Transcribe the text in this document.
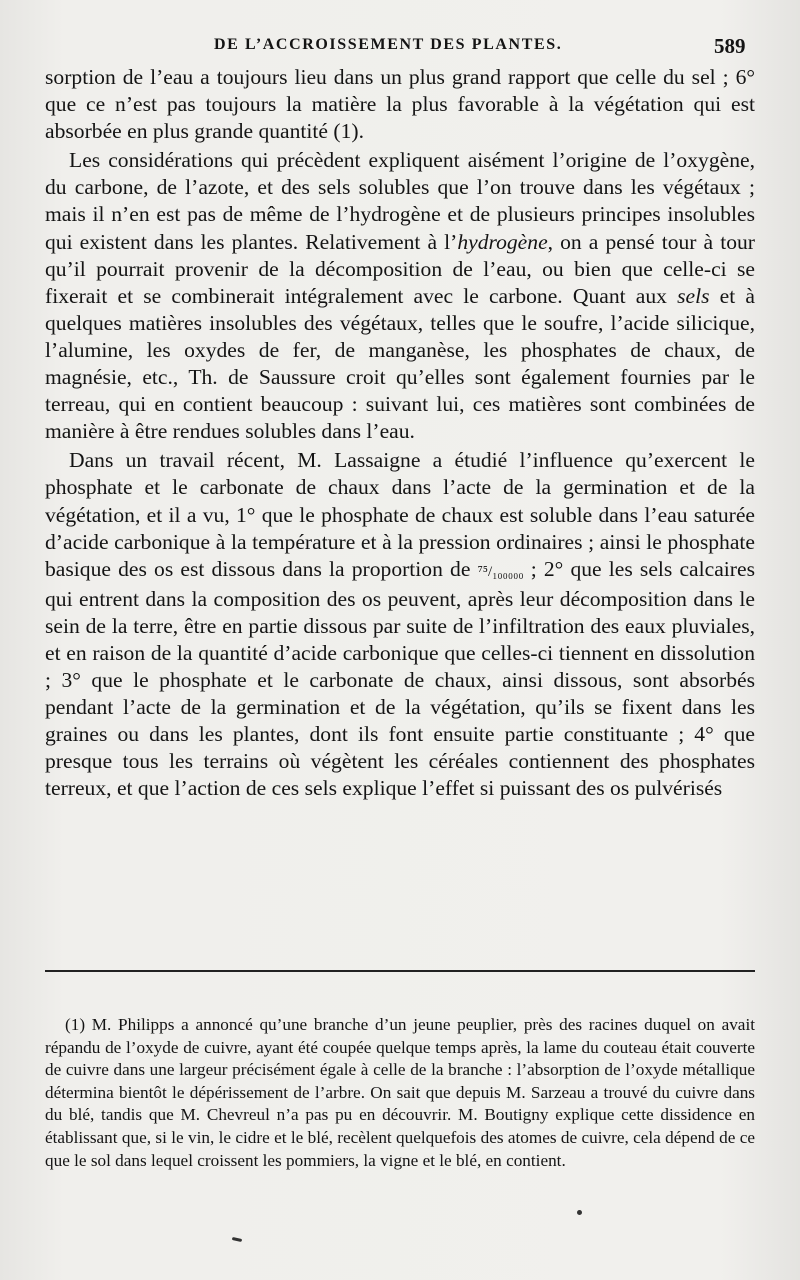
DE L’ACCROISSEMENT DES PLANTES.	589

sorption de l’eau a toujours lieu dans un plus grand rapport que celle du sel ; 6° que ce n’est pas toujours la matière la plus favorable à la végétation qui est absorbée en plus grande quantité (1).

Les considérations qui précèdent expliquent aisément l’origine de l’oxygène, du carbone, de l’azote, et des sels solubles que l’on trouve dans les végétaux ; mais il n’en est pas de même de l’hydrogène et de plusieurs principes insolubles qui existent dans les plantes. Relativement à l’hydrogène, on a pensé tour à tour qu’il pourrait provenir de la décomposition de l’eau, ou bien que celle-ci se fixerait et se combinerait intégralement avec le carbone. Quant aux sels et à quelques matières insolubles des végétaux, telles que le soufre, l’acide silicique, l’alumine, les oxydes de fer, de manganèse, les phosphates de chaux, de magnésie, etc., Th. de Saussure croit qu’elles sont également fournies par le terreau, qui en contient beaucoup : suivant lui, ces matières sont combinées de manière à être rendues solubles dans l’eau.

Dans un travail récent, M. Lassaigne a étudié l’influence qu’exercent le phosphate et le carbonate de chaux dans l’acte de la germination et de la végétation, et il a vu, 1° que le phosphate de chaux est soluble dans l’eau saturée d’acide carbonique à la température et à la pression ordinaires ; ainsi le phosphate basique des os est dissous dans la proportion de ⁷⁵/₁₀₀₀₀₀ ; 2° que les sels calcaires qui entrent dans la composition des os peuvent, après leur décomposition dans le sein de la terre, être en partie dissous par suite de l’infiltration des eaux pluviales, et en raison de la quantité d’acide carbonique que celles-ci tiennent en dissolution ; 3° que le phosphate et le carbonate de chaux, ainsi dissous, sont absorbés pendant l’acte de la germination et de la végétation, qu’ils se fixent dans les graines ou dans les plantes, dont ils font ensuite partie constituante ; 4° que presque tous les terrains où végètent les céréales contiennent des phosphates terreux, et que l’action de ces sels explique l’effet si puissant des os pulvérisés

(1) M. Philipps a annoncé qu’une branche d’un jeune peuplier, près des racines duquel on avait répandu de l’oxyde de cuivre, ayant été coupée quelque temps après, la lame du couteau était couverte de cuivre dans une largeur précisément égale à celle de la branche : l’absorption de l’oxyde métallique détermina bientôt le dépérissement de l’arbre. On sait que depuis M. Sarzeau a trouvé du cuivre dans du blé, tandis que M. Chevreul n’a pas pu en découvrir. M. Boutigny explique cette dissidence en établissant que, si le vin, le cidre et le blé, recèlent quelquefois des atomes de cuivre, cela dépend de ce que le sol dans lequel croissent les pommiers, la vigne et le blé, en contient.
